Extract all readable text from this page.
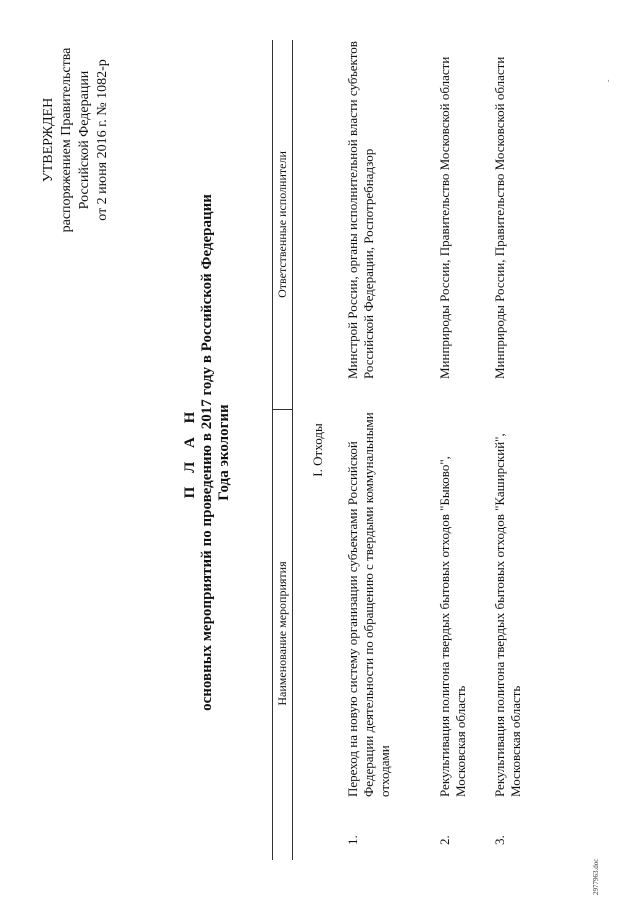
УТВЕРЖДЕН распоряжением Правительства Российской Федерации от 2 июня 2016 г. № 1082-р
П Л А Н основных мероприятий по проведению в 2017 году в Российской Федерации Года экологии
Наименование мероприятия
Ответственные исполнители
I. Отходы
1.
Переход на новую систему организации субъектами Российской Федерации деятельности по обращению с твердыми коммунальными отходами
Минстрой России, органы исполнительной власти субъектов Российской Федерации, Роспотребнадзор
2.
Рекультивация полигона твердых бытовых отходов "Быково", Московская область
Минприроды России, Правительство Московской области
3.
Рекультивация полигона твердых бытовых отходов "Каширский", Московская область
Минприроды России, Правительство Московской области
2977963.doc
-
